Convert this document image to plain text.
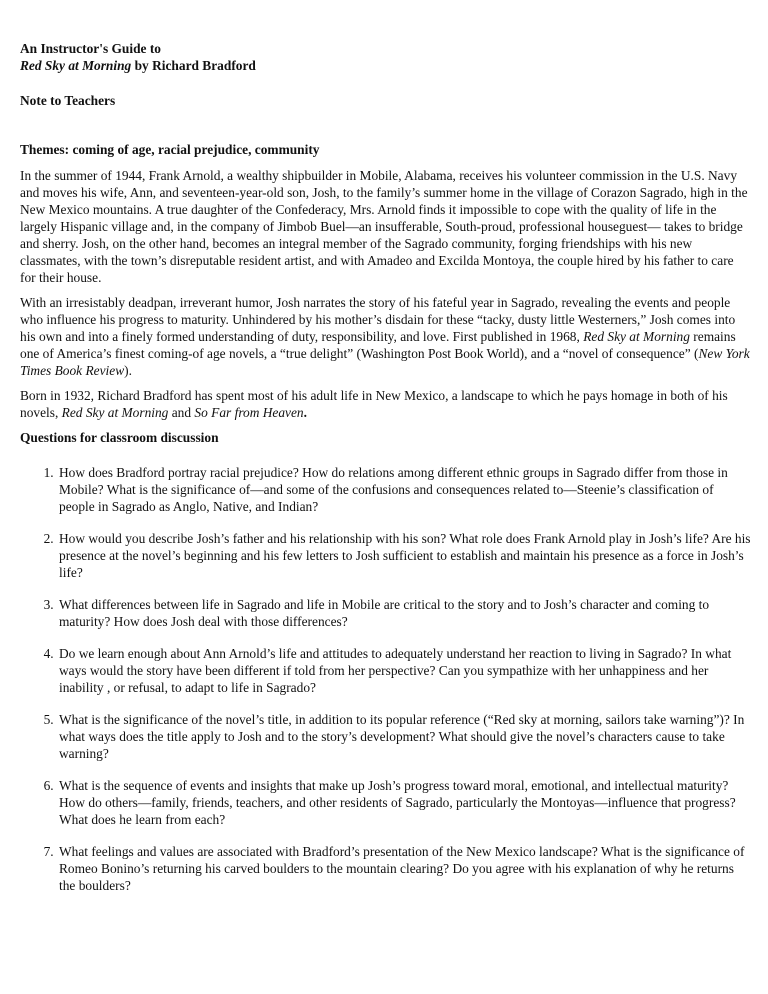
An Instructor's Guide to
Red Sky at Morning by Richard Bradford
Note to Teachers
Themes: coming of age, racial prejudice, community

In the summer of 1944, Frank Arnold, a wealthy shipbuilder in Mobile, Alabama, receives his volunteer commission in the U.S. Navy and moves his wife, Ann, and seventeen-year-old son, Josh, to the family’s summer home in the village of Corazon Sagrado, high in the New Mexico mountains. A true daughter of the Confederacy, Mrs. Arnold finds it impossible to cope with the quality of life in the largely Hispanic village and, in the company of Jimbob Buel—an insufferable, South-proud, professional houseguest— takes to bridge and sherry. Josh, on the other hand, becomes an integral member of the Sagrado community, forging friendships with his new classmates, with the town’s disreputable resident artist, and with Amadeo and Excilda Montoya, the couple hired by his father to care for their house.

With an irresistably deadpan, irreverant humor, Josh narrates the story of his fateful year in Sagrado, revealing the events and people who influence his progress to maturity. Unhindered by his mother’s disdain for these “tacky, dusty little Westerners,” Josh comes into his own and into a finely formed understanding of duty, responsibility, and love. First published in 1968, Red Sky at Morning remains one of America’s finest coming-of age novels, a “true delight” (Washington Post Book World), and a “novel of consequence” (New York Times Book Review).

Born in 1932, Richard Bradford has spent most of his adult life in New Mexico, a landscape to which he pays homage in both of his novels, Red Sky at Morning and So Far from Heaven.

Questions for classroom discussion
1. How does Bradford portray racial prejudice? How do relations among different ethnic groups in Sagrado differ from those in Mobile? What is the significance of—and some of the confusions and consequences related to—Steenie’s classification of people in Sagrado as Anglo, Native, and Indian?
2. How would you describe Josh’s father and his relationship with his son? What role does Frank Arnold play in Josh’s life? Are his presence at the novel’s beginning and his few letters to Josh sufficient to establish and maintain his presence as a force in Josh’s life?
3. What differences between life in Sagrado and life in Mobile are critical to the story and to Josh’s character and coming to maturity? How does Josh deal with those differences?
4. Do we learn enough about Ann Arnold’s life and attitudes to adequately understand her reaction to living in Sagrado? In what ways would the story have been different if told from her perspective? Can you sympathize with her unhappiness and her inability , or refusal, to adapt to life in Sagrado?
5. What is the significance of the novel’s title, in addition to its popular reference (“Red sky at morning, sailors take warning”)? In what ways does the title apply to Josh and to the story’s development? What should give the novel’s characters cause to take warning?
6. What is the sequence of events and insights that make up Josh’s progress toward moral, emotional, and intellectual maturity? How do others—family, friends, teachers, and other residents of Sagrado, particularly the Montoyas—influence that progress? What does he learn from each?
7. What feelings and values are associated with Bradford’s presentation of the New Mexico landscape? What is the significance of Romeo Bonino’s returning his carved boulders to the mountain clearing? Do you agree with his explanation of why he returns the boulders?
